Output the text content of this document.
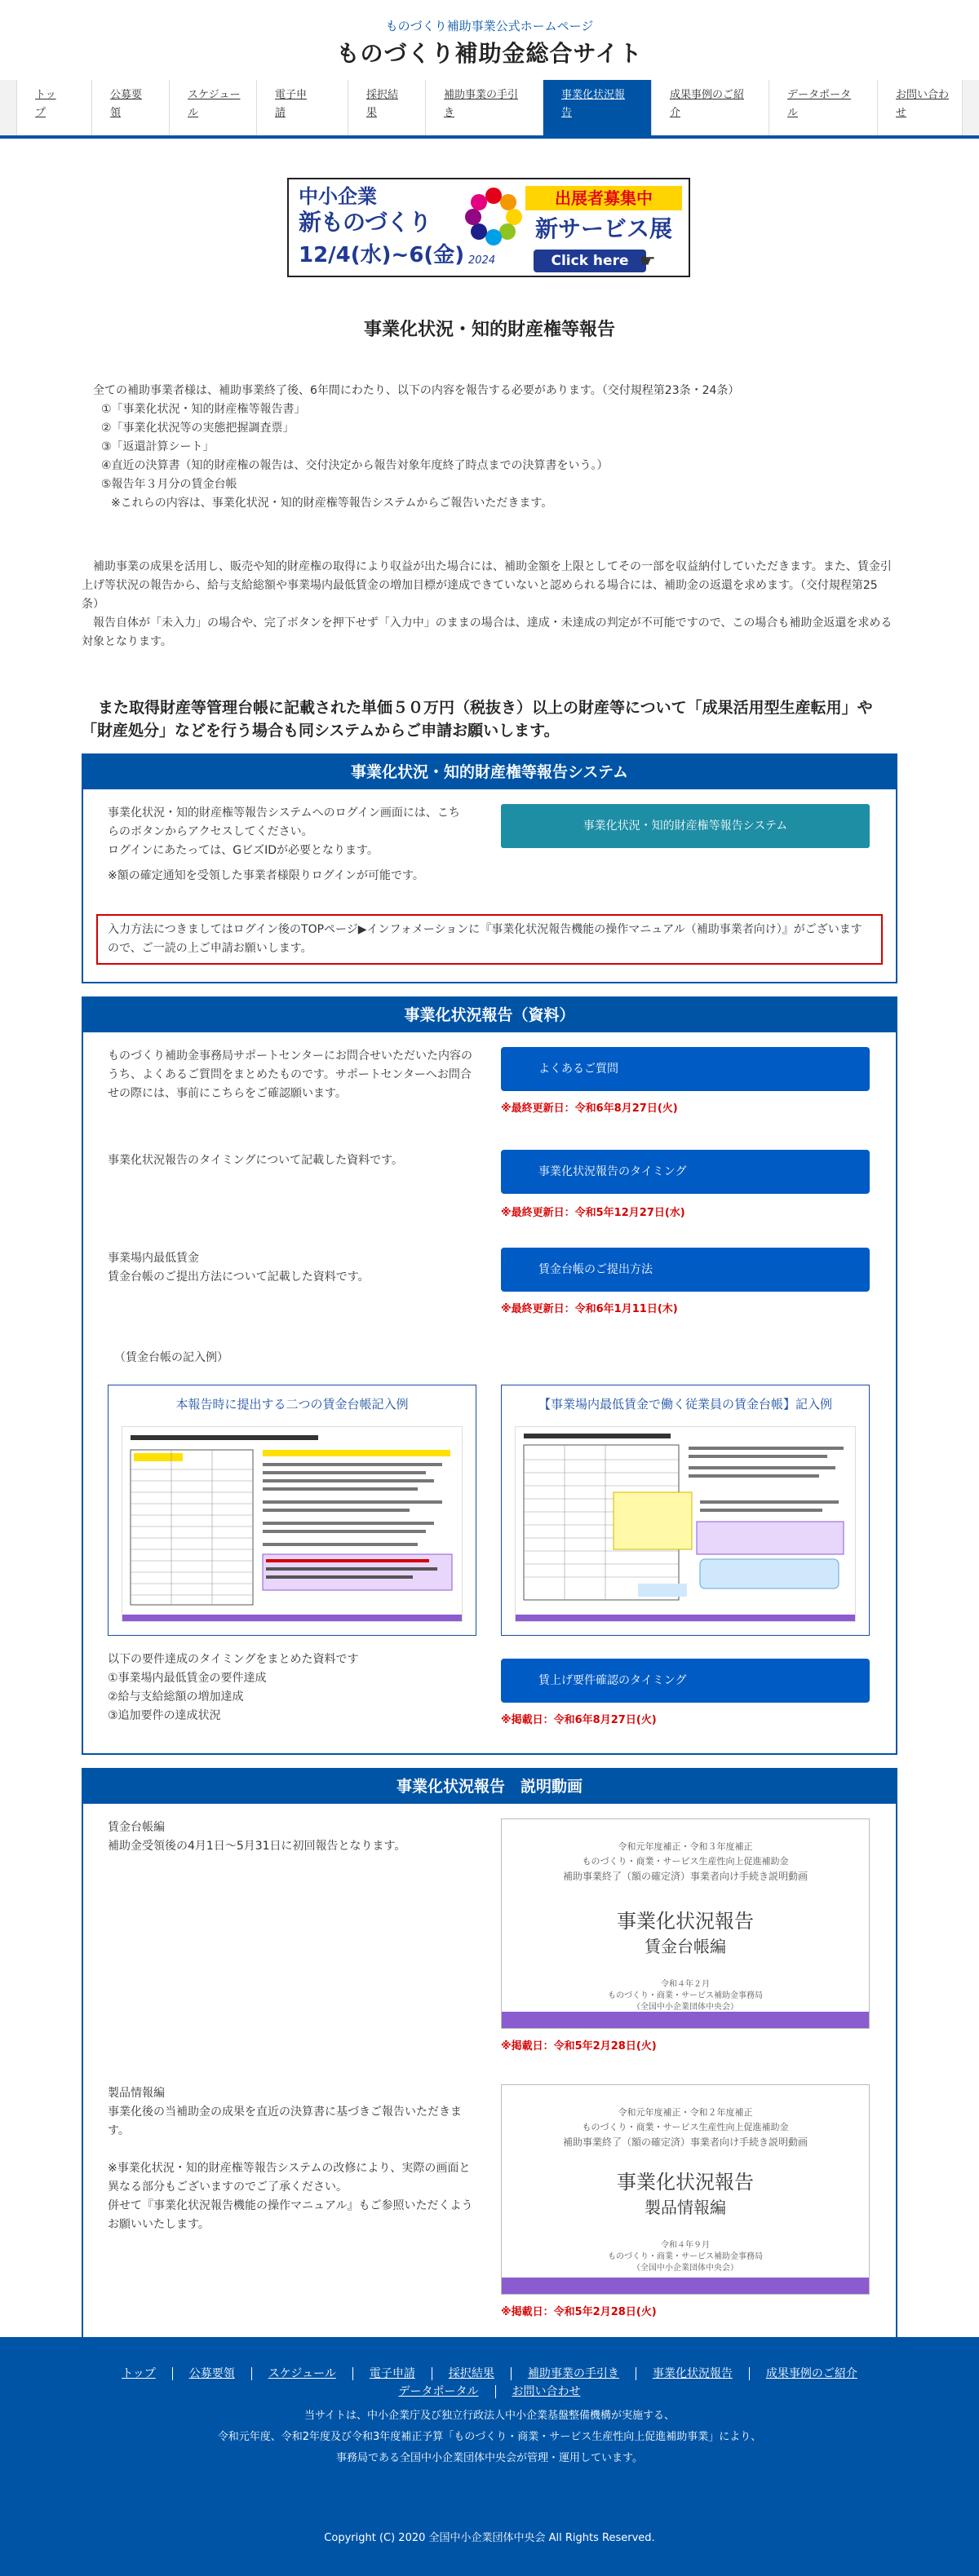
ものづくり補助事業公式ホームページ
ものづくり補助金総合サイト
トッ
プ
公募要
領
スケジュー
ル
電子申
請
採択結
果
補助事業の手引
き
事業化状況報
告
成果事例のご紹
介
データポータ
ル
お問い合わ
せ
中小企業
新ものづくり
12/4(水)~6(金) 2024
出展者募集中
新サービス展
Click here ☛
事業化状況・知的財産権等報告
全ての補助事業者様は、補助事業終了後、6年間にわたり、以下の内容を報告する必要があります。（交付規程第23条・24条）
①「事業化状況・知的財産権等報告書」
②「事業化状況等の実態把握調査票」
③「返還計算シート」
④直近の決算書（知的財産権の報告は、交付決定から報告対象年度終了時点までの決算書をいう。）
⑤報告年３月分の賃金台帳
※これらの内容は、事業化状況・知的財産権等報告システムからご報告いただきます。
補助事業の成果を活用し、販売や知的財産権の取得により収益が出た場合には、補助金額を上限としてその一部を収益納付していただきます。また、賃金引上げ等状況の報告から、給与支給総額や事業場内最低賃金の増加目標が達成できていないと認められる場合には、補助金の返還を求めます。（交付規程第25条）
報告自体が「未入力」の場合や、完了ボタンを押下せず「入力中」のままの場合は、達成・未達成の判定が不可能ですので、この場合も補助金返還を求める対象となります。
また取得財産等管理台帳に記載された単価５０万円（税抜き）以上の財産等について「成果活用型生産転用」や「財産処分」などを行う場合も同システムからご申請お願いします。
事業化状況・知的財産権等報告システム
事業化状況・知的財産権等報告システムへのログイン画面には、こちらのボタンからアクセスしてください。
ログインにあたっては、GビズIDが必要となります。
※額の確定通知を受領した事業者様限りログインが可能です。
事業化状況・知的財産権等報告システム
入力方法につきましてはログイン後のTOPページ▶インフォメーションに『事業化状況報告機能の操作マニュアル（補助事業者向け）』がございますので、ご一読の上ご申請お願いします。
事業化状況報告（資料）
ものづくり補助金事務局サポートセンターにお問合せいただいた内容のうち、よくあるご質問をまとめたものです。サポートセンターへお問合せの際には、事前にこちらをご確認願います。
よくあるご質問
※最終更新日：令和6年8月27日(火)
事業化状況報告のタイミングについて記載した資料です。
事業化状況報告のタイミング
※最終更新日：令和5年12月27日(水)
事業場内最低賃金
賃金台帳のご提出方法について記載した資料です。
賃金台帳のご提出方法
※最終更新日：令和6年1月11日(木)
（賃金台帳の記入例）
本報告時に提出する二つの賃金台帳記入例	【事業場内最低賃金で働く従業員の賃金台帳】記入例
以下の要件達成のタイミングをまとめた資料です
①事業場内最低賃金の要件達成
②給与支給総額の増加達成
③追加要件の達成状況
賃上げ要件確認のタイミング
※掲載日：令和6年8月27日(火)
事業化状況報告　説明動画
賃金台帳編
補助金受領後の4月1日～5月31日に初回報告となります。	令和元年度補正・令和３年度補正
ものづくり・商業・サービス生産性向上促進補助金
補助事業終了（額の確定済）事業者向け手続き説明動画
事業化状況報告
賃金台帳編
令和４年２月
ものづくり・商業・サービス補助金事務局
（全国中小企業団体中央会）
※掲載日：令和5年2月28日(火)
製品情報編
事業化後の当補助金の成果を直近の決算書に基づきご報告いただきます。
※事業化状況・知的財産権等報告システムの改修により、実際の画面と異なる部分もございますのでご了承ください。
併せて『事業化状況報告機能の操作マニュアル』もご参照いただくようお願いいたします。
令和元年度補正・令和２年度補正
ものづくり・商業・サービス生産性向上促進補助金
補助事業終了（額の確定済）事業者向け手続き説明動画
事業化状況報告
製品情報編
令和４年９月
ものづくり・商業・サービス補助金事務局
（全国中小企業団体中央会）
※掲載日：令和5年2月28日(火)
トップ	公募要領	スケジュール	電子申請	採択結果	補助事業の手引き	事業化状況報告	成果事例のご紹介
データポータル	お問い合わせ
当サイトは、中小企業庁及び独立行政法人中小企業基盤整備機構が実施する、
令和元年度、令和2年度及び令和3年度補正予算「ものづくり・商業・サービス生産性向上促進補助事業」により、
事務局である全国中小企業団体中央会が管理・運用しています。
Copyright (C) 2020 全国中小企業団体中央会 All Rights Reserved.
